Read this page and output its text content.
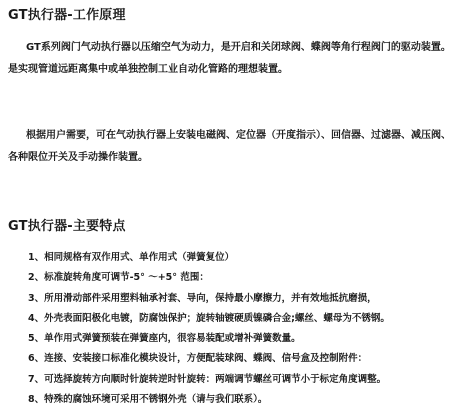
GT执行器-工作原理

GT系列阀门气动执行器以压缩空气为动力，是开启和关闭球阀、蝶阀等角行程阀门的驱动装置。是实现管道远距离集中或单独控制工业自动化管路的理想装置。

根据用户需要，可在气动执行器上安装电磁阀、定位器（开度指示）、回信器、过滤器、减压阀、各种限位开关及手动操作装置。

GT执行器-主要特点
1、相同规格有双作用式、单作用式（弹簧复位）
2、标准旋转角度可调节-5° ～+5° 范围：
3、所用滑动部件采用塑料轴承衬套、导向，保持最小摩擦力，并有效地抵抗磨损，
4、外壳表面阳极化电镀，防腐蚀保护；旋转轴镀硬质镍磷合金;螺丝、螺母为不锈钢。
5、单作用式弹簧预装在弹簧座内，很容易装配或增补弹簧数量。
6、连接、安装接口标准化模块设计，方便配装球阀、蝶阀、信号盒及控制附件：
7、可选择旋转方向顺时针旋转逆时针旋转：两端调节螺丝可调节小于标定角度调整。
8、特殊的腐蚀环境可采用不锈钢外壳（请与我们联系）。
